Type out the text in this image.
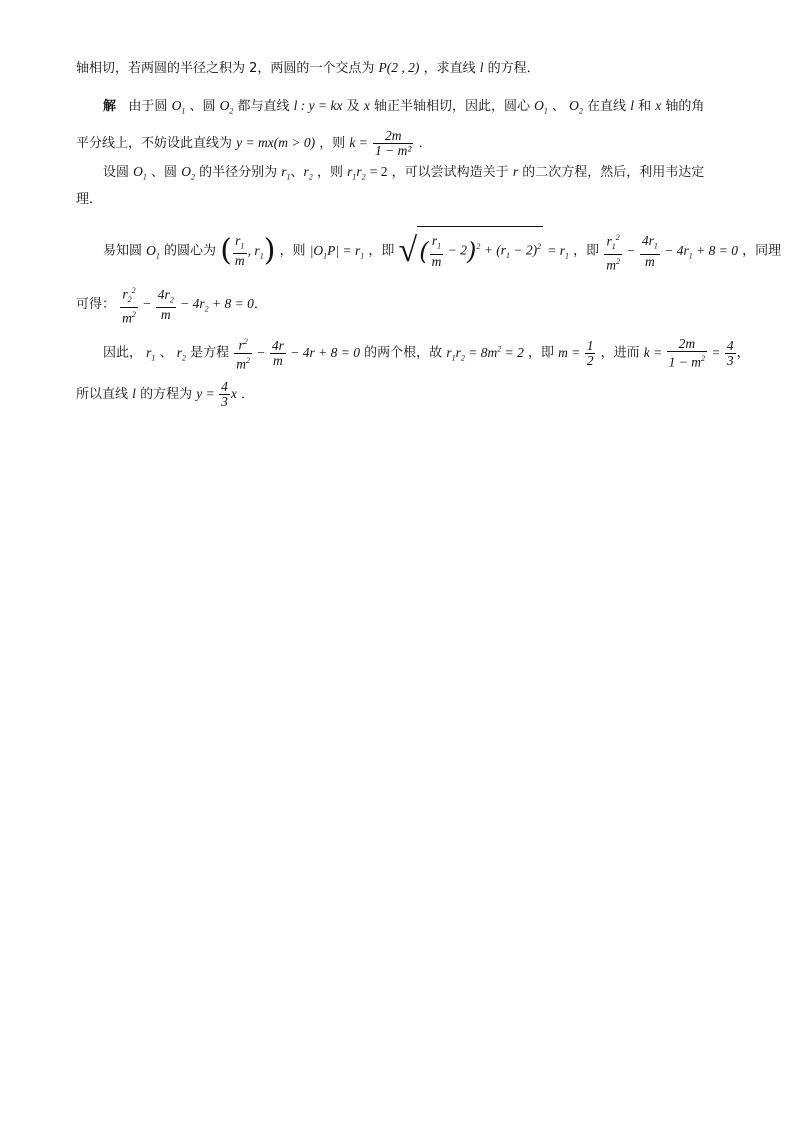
轴相切，若两圆的半径之积为 2，两圆的一个交点为 P(2 , 2) ，求直线 l 的方程．
解 由于圆 $O_1$ 、圆 $O_2$ 都与直线 l : y = kx 及 x 轴正半轴相切，因此，圆心 $O_1$ 、 $O_2$ 在直线 l 和 x 轴的角
平分线上，不妨设此直线为 y = mx(m > 0) ，则 $k = \frac{2m}{\text{1 − m²}}$ ．
设圆 $O_1$ 、圆 $O_2$ 的半径分别为 $r_1$、$r_2$ ，则 $r_1r_2 = 2$ ，可以尝试构造关于 r 的二次方程，然后，利用韦达定
理．
易知圆 $O_1$ 的圆心为 ( $\frac{r_1}{m}$ , $r_1$) ，则 $|O_1P| = r_1$ ，即 √( $\frac{r_1}{m} - 2)^2 + (r_1 - 2)^2 = r_1$ ，即 $\frac{r_1^2}{m^2} - \frac{4r_1}{m} - 4r_1 + 8 = 0$ ，同理
可得： $\frac{r_2^2}{m^2} - \frac{4r_2}{m} - 4r_2 + 8 = 0$．
因此， $r_1$ 、 $r_2$ 是方程 $\frac{r^2}{m^2} - \frac{4r}{m} - 4r + 8 = 0$ 的两个根，故 $r_1r_2 = 8m^2 = 2$ ，即 $m = \frac{1}{2}$ ，进而 $k = \frac{2m}{1 - m^2} = \frac{4}{3}$ ，
所以直线 l 的方程为 $y = \frac{4}{3}$ x ．
